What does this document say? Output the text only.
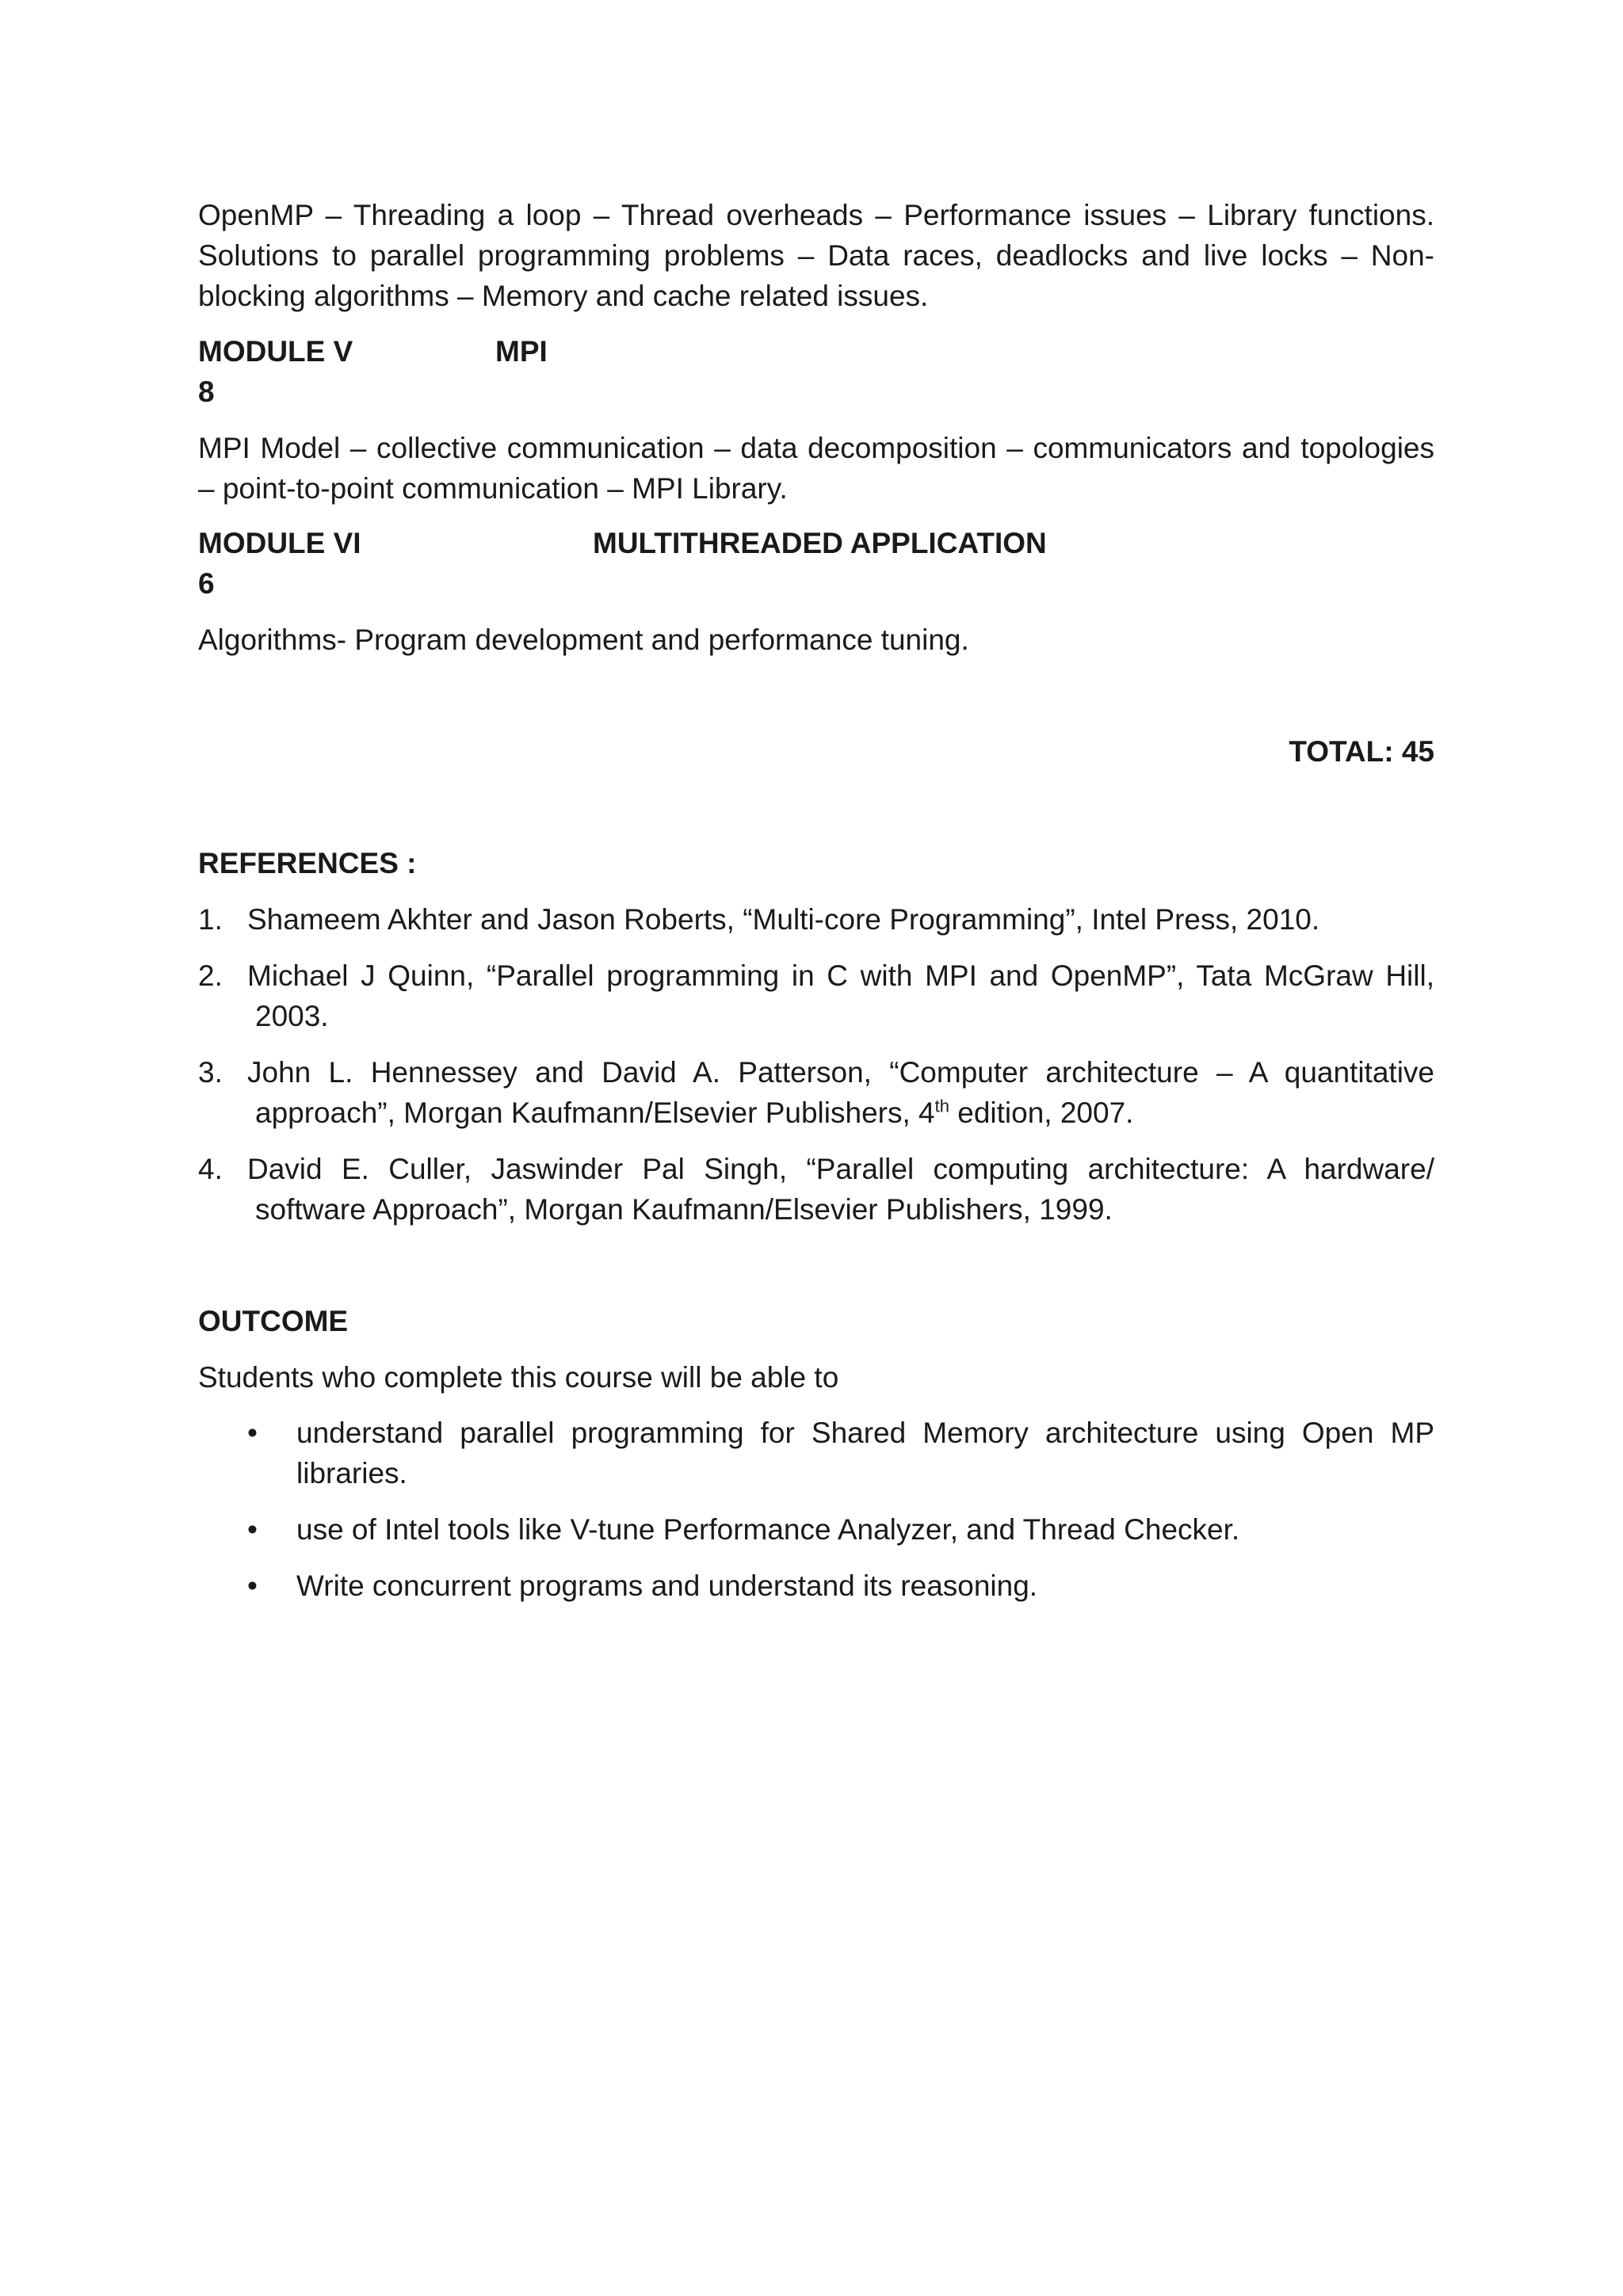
OpenMP – Threading a loop – Thread overheads – Performance issues – Library functions. Solutions to parallel programming problems – Data races, deadlocks and live locks – Non-blocking algorithms – Memory and cache related issues.

MODULE V	MPI
8

MPI Model – collective communication – data decomposition – communicators and topologies – point-to-point communication – MPI Library.

MODULE VI	MULTITHREADED APPLICATION
6

Algorithms- Program development and performance tuning.

TOTAL: 45
REFERENCES :
1. Shameem Akhter and Jason Roberts, “Multi-core Programming”, Intel Press, 2010.
2. Michael J Quinn, “Parallel programming in C with MPI and OpenMP”, Tata McGraw Hill, 2003.
3. John L. Hennessey and David A. Patterson, “Computer architecture – A quantitative approach”, Morgan Kaufmann/Elsevier Publishers, 4th edition, 2007.
4. David E. Culler, Jaswinder Pal Singh, “Parallel computing architecture: A hardware/ software Approach”, Morgan Kaufmann/Elsevier Publishers, 1999.
OUTCOME

Students who complete this course will be able to

• understand parallel programming for Shared Memory architecture using Open MP libraries.
• use of Intel tools like V-tune Performance Analyzer, and Thread Checker.
• Write concurrent programs and understand its reasoning.
